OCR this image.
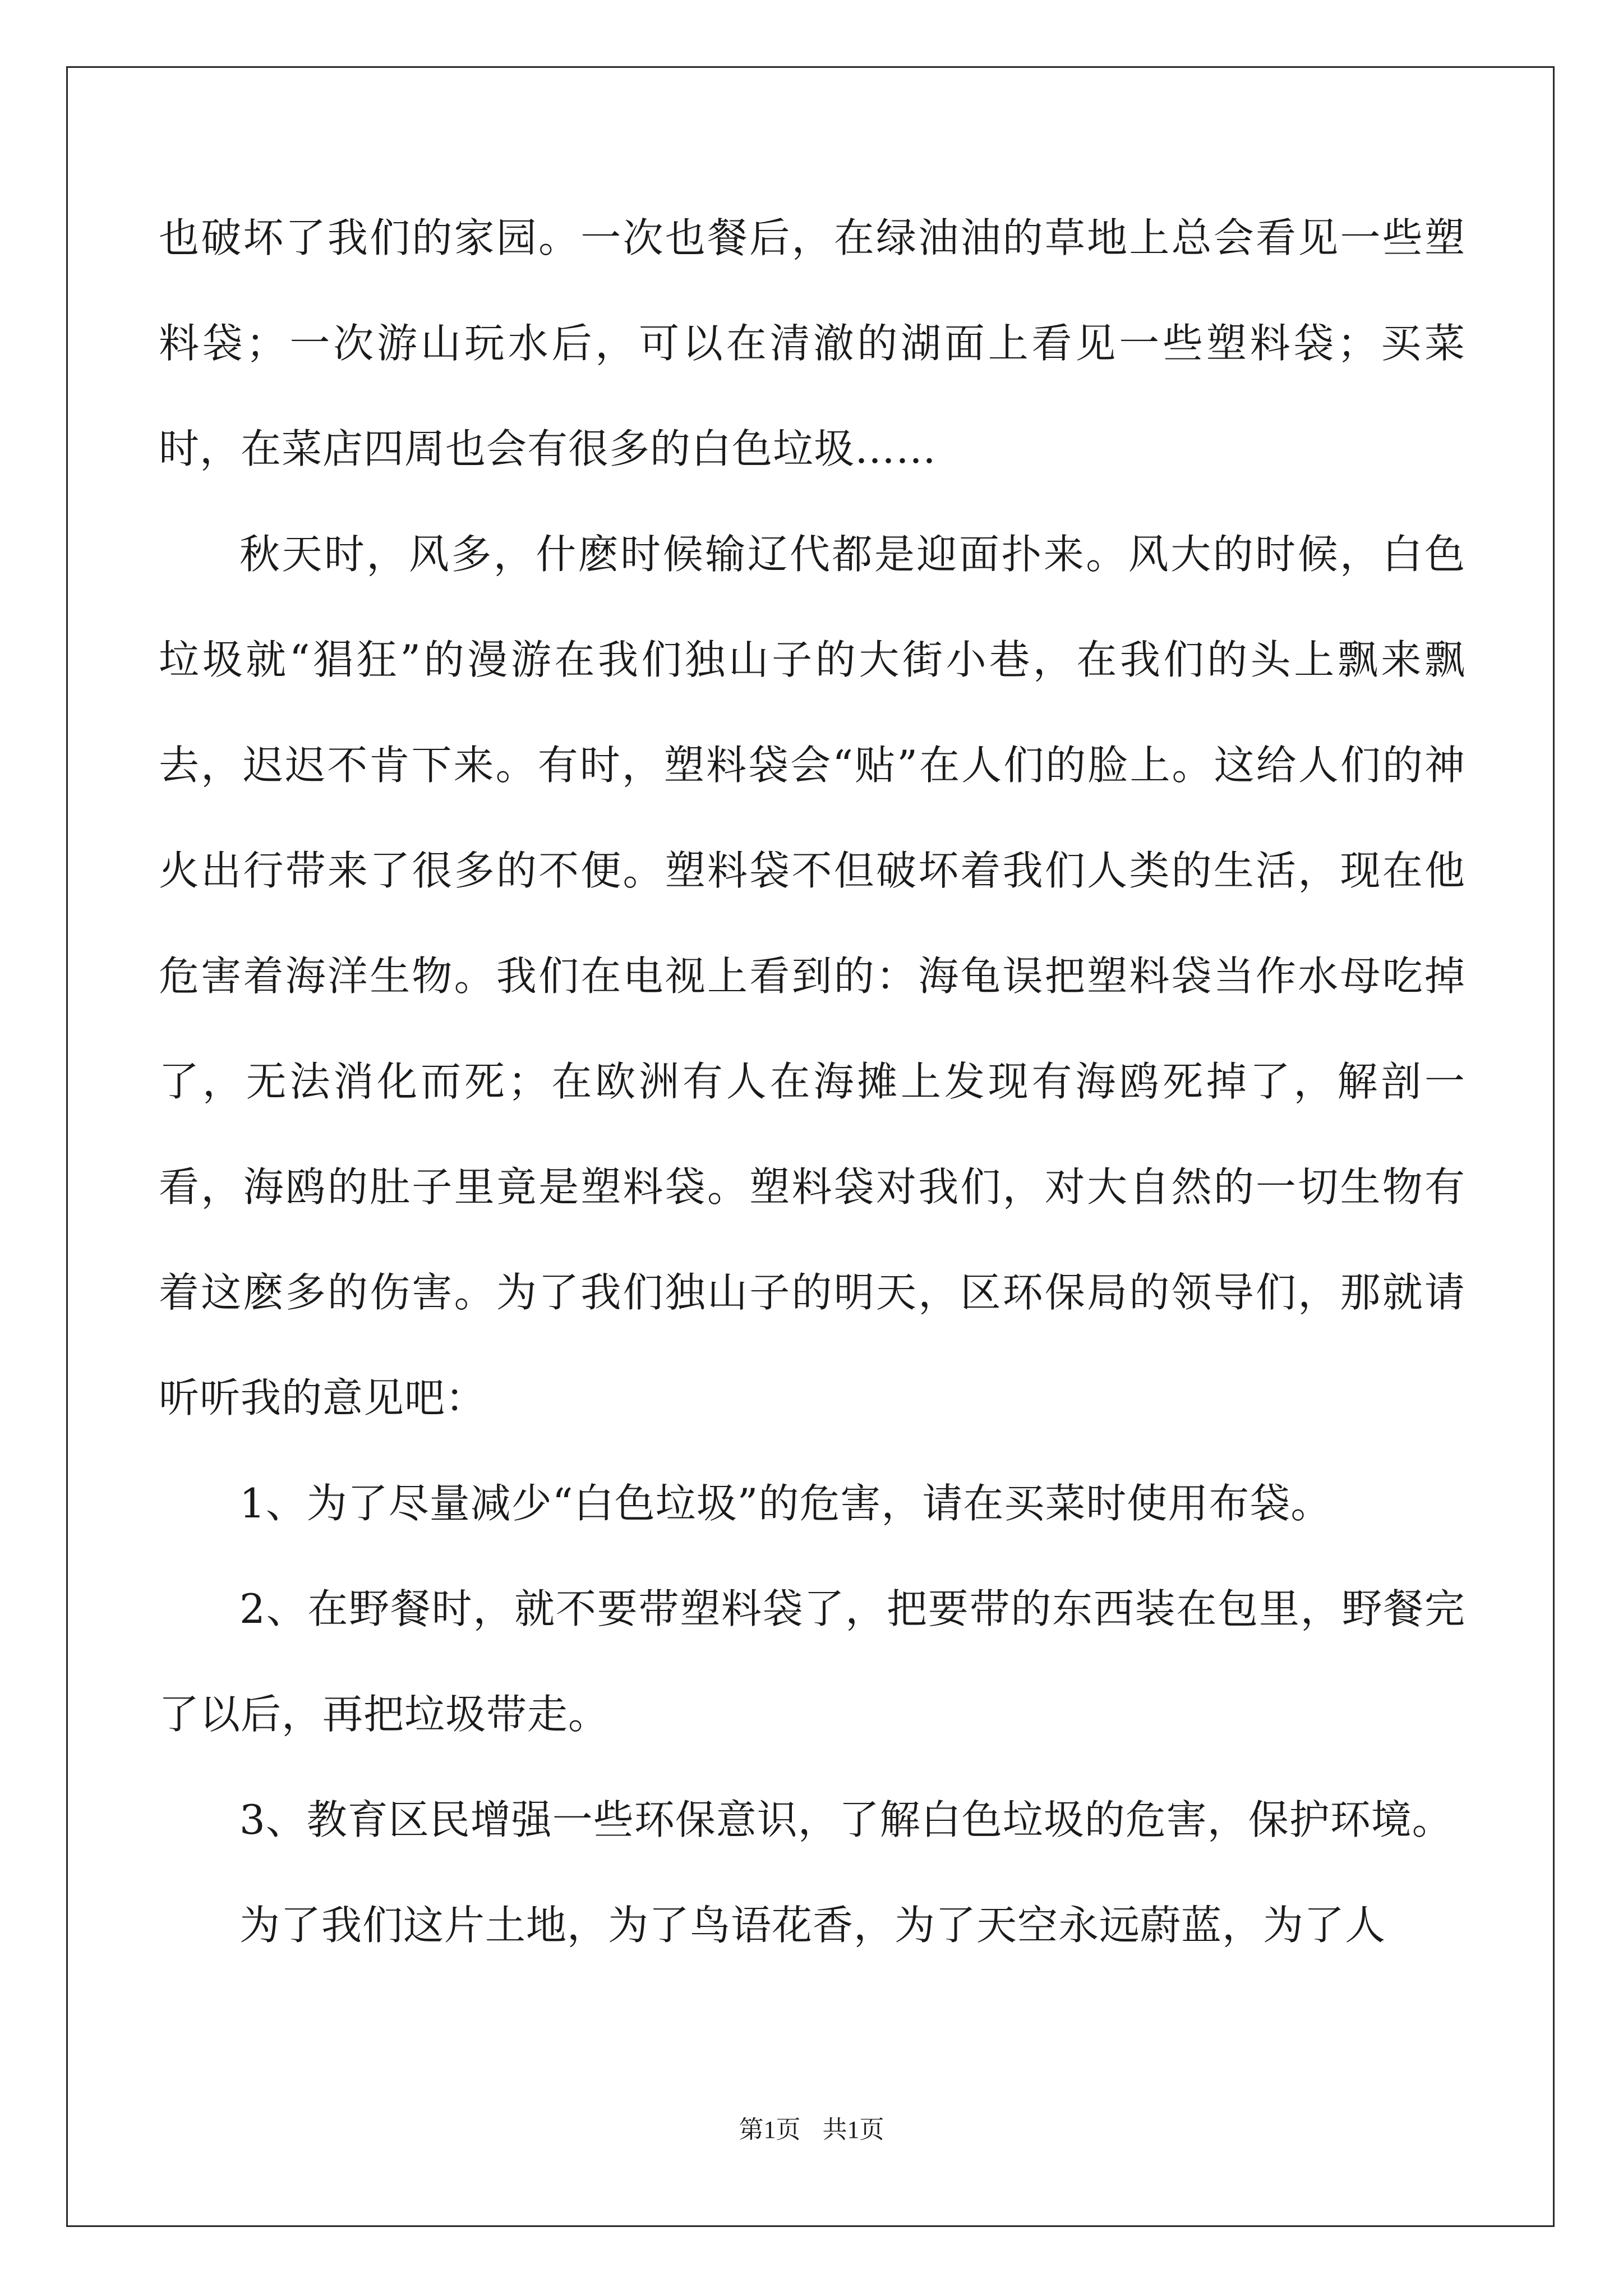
也破坏了我们的家园。一次也餐后，在绿油油的草地上总会看见一些塑料袋；一次游山玩水后，可以在清澈的湖面上看见一些塑料袋；买菜时，在菜店四周也会有很多的白色垃圾……

秋天时，风多，什麽时候输辽代都是迎面扑来。风大的时候，白色垃圾就“猖狂”的漫游在我们独山子的大街小巷，在我们的头上飘来飘去，迟迟不肯下来。有时，塑料袋会“贴”在人们的脸上。这给人们的神火出行带来了很多的不便。塑料袋不但破坏着我们人类的生活，现在他危害着海洋生物。我们在电视上看到的：海龟误把塑料袋当作水母吃掉了，无法消化而死；在欧洲有人在海摊上发现有海鸥死掉了，解剖一看，海鸥的肚子里竟是塑料袋。塑料袋对我们，对大自然的一切生物有着这麽多的伤害。为了我们独山子的明天，区环保局的领导们，那就请听听我的意见吧：

1、为了尽量减少“白色垃圾”的危害，请在买菜时使用布袋。

2、在野餐时，就不要带塑料袋了，把要带的东西装在包里，野餐完了以后，再把垃圾带走。

3、教育区民增强一些环保意识，了解白色垃圾的危害，保护环境。

为了我们这片土地，为了鸟语花香，为了天空永远蔚蓝，为了人

第1页 共1页
